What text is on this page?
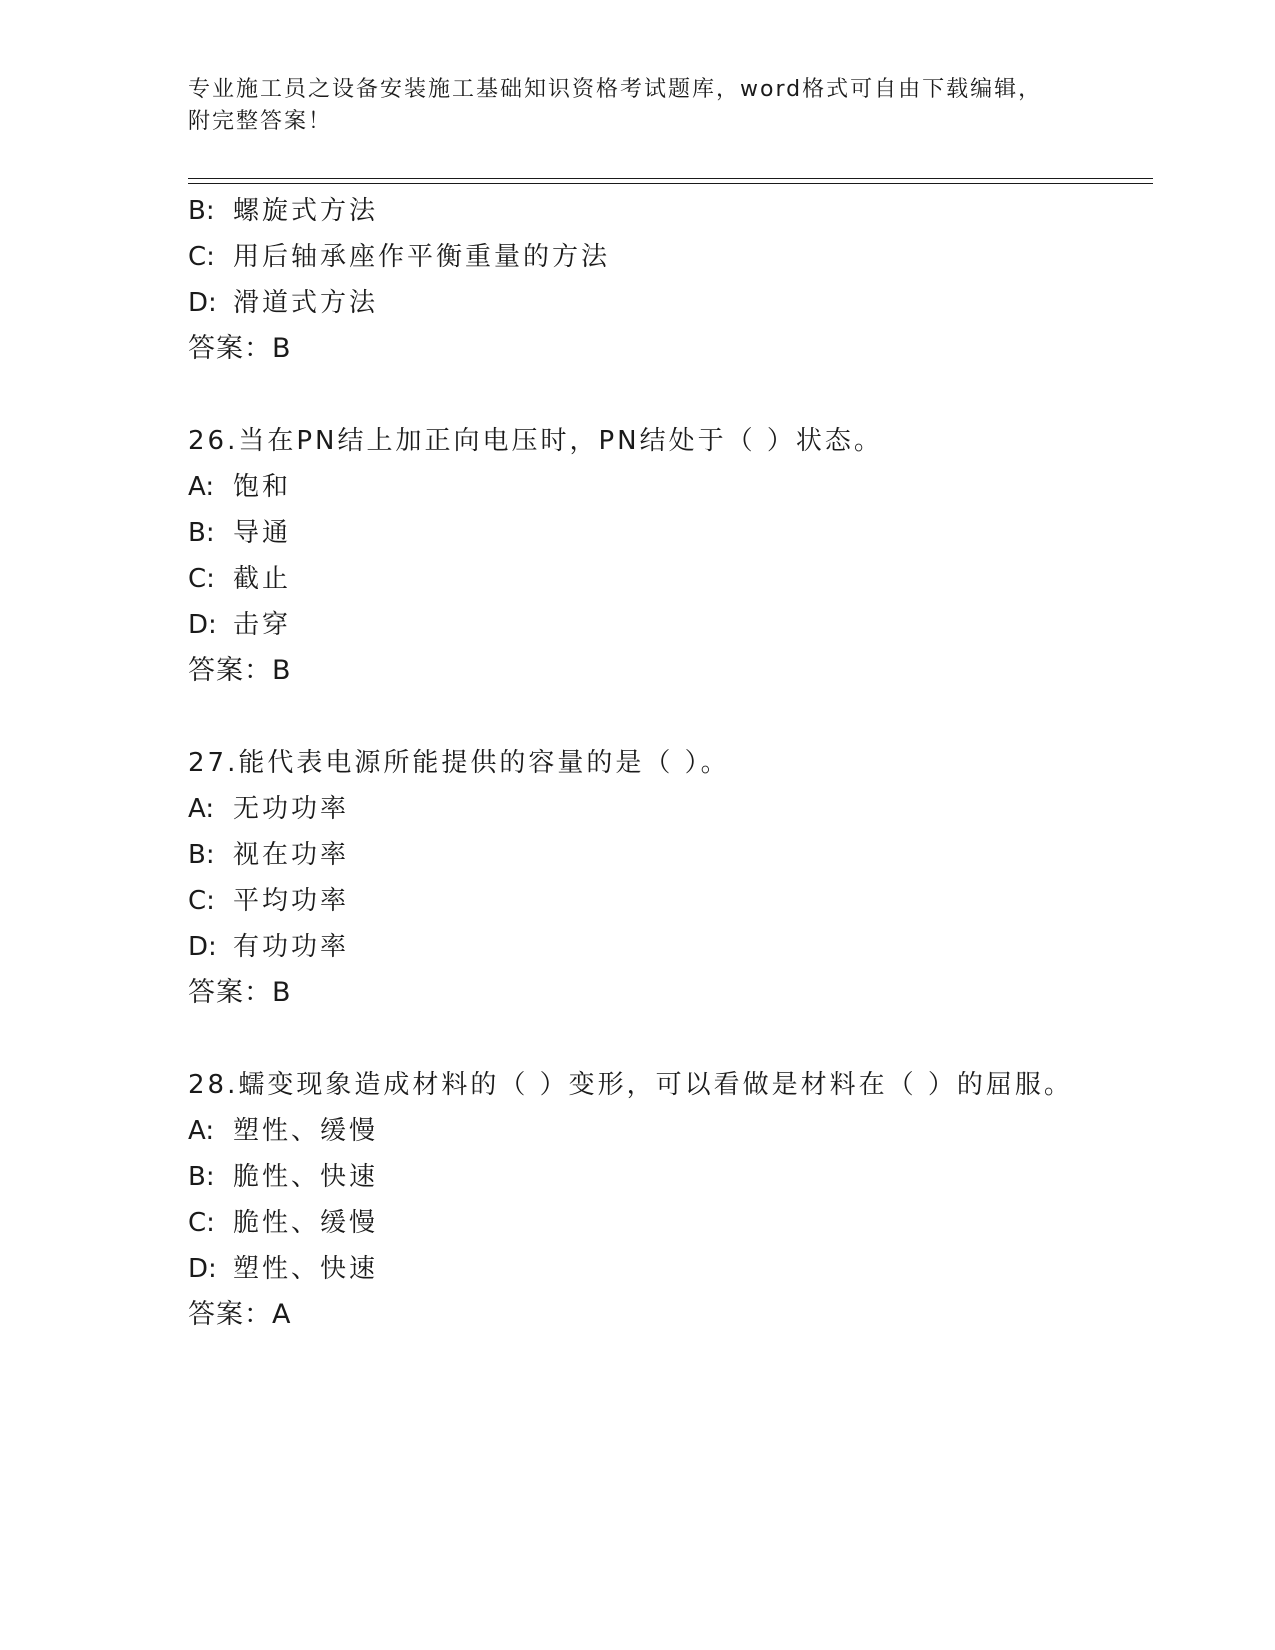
专业施工员之设备安装施工基础知识资格考试题库，word格式可自由下载编辑，
附完整答案！
B: 螺旋式方法
C: 用后轴承座作平衡重量的方法
D: 滑道式方法
答案：B
26.当在PN结上加正向电压时，PN结处于（ ）状态。
A: 饱和
B: 导通
C: 截止
D: 击穿
答案：B
27.能代表电源所能提供的容量的是（ ）。
A: 无功功率
B: 视在功率
C: 平均功率
D: 有功功率
答案：B
28.蠕变现象造成材料的（ ）变形，可以看做是材料在（ ）的屈服。
A: 塑性、缓慢
B: 脆性、快速
C: 脆性、缓慢
D: 塑性、快速
答案：A
